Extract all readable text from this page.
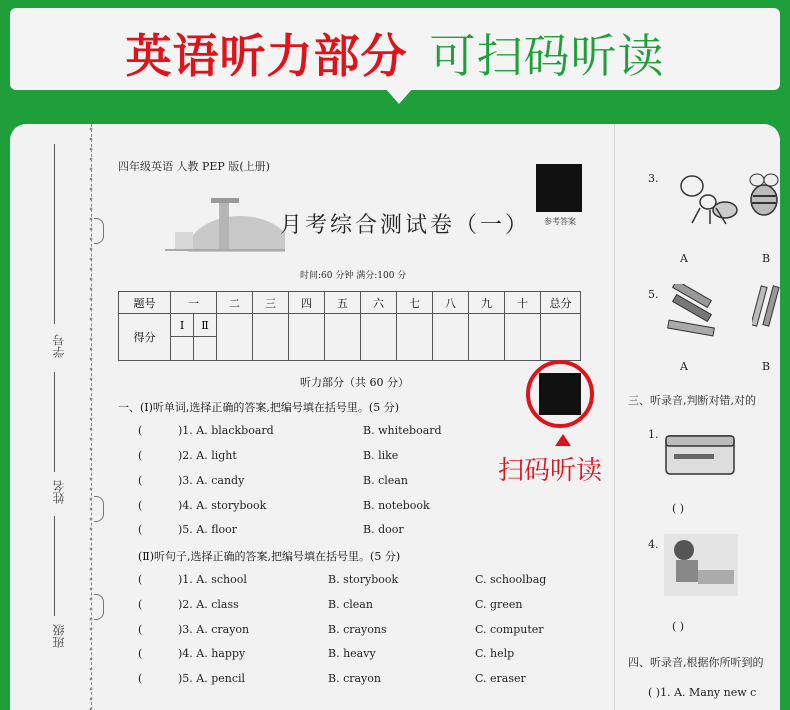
英语听力部分 可扫码听读
学号
姓名
班级
四年级英语 人教 PEP 版(上册)
月考综合测试卷（一）	参考答案
时间:60 分钟 满分:100 分
题号	一	二	三	四	五	六	七	八	九	十	总分
得分	Ⅰ Ⅱ										

听力部分（共 60 分）
一、(Ⅰ)听单词,选择正确的答案,把编号填在括号里。(5 分)
(	)1. A. blackboard	B. whiteboard
(	)2. A. light	B. like
(	)3. A. candy	B. clean
(	)4. A. storybook	B. notebook
(	)5. A. floor	B. door
(Ⅱ)听句子,选择正确的答案,把编号填在括号里。(5 分)
(	)1. A. school	B. storybook	C. schoolbag
(	)2. A. class	B. clean	C. green
(	)3. A. crayon	B. crayons	C. computer
(	)4. A. happy	B. heavy	C. help
(	)5. A. pencil	B. crayon	C. eraser
扫码听读
3.
A	B
5.
A	B
三、听录音,判断对错,对的
1.
( )
4.
( )
四、听录音,根据你所听到的
( )1. A. Many new c
